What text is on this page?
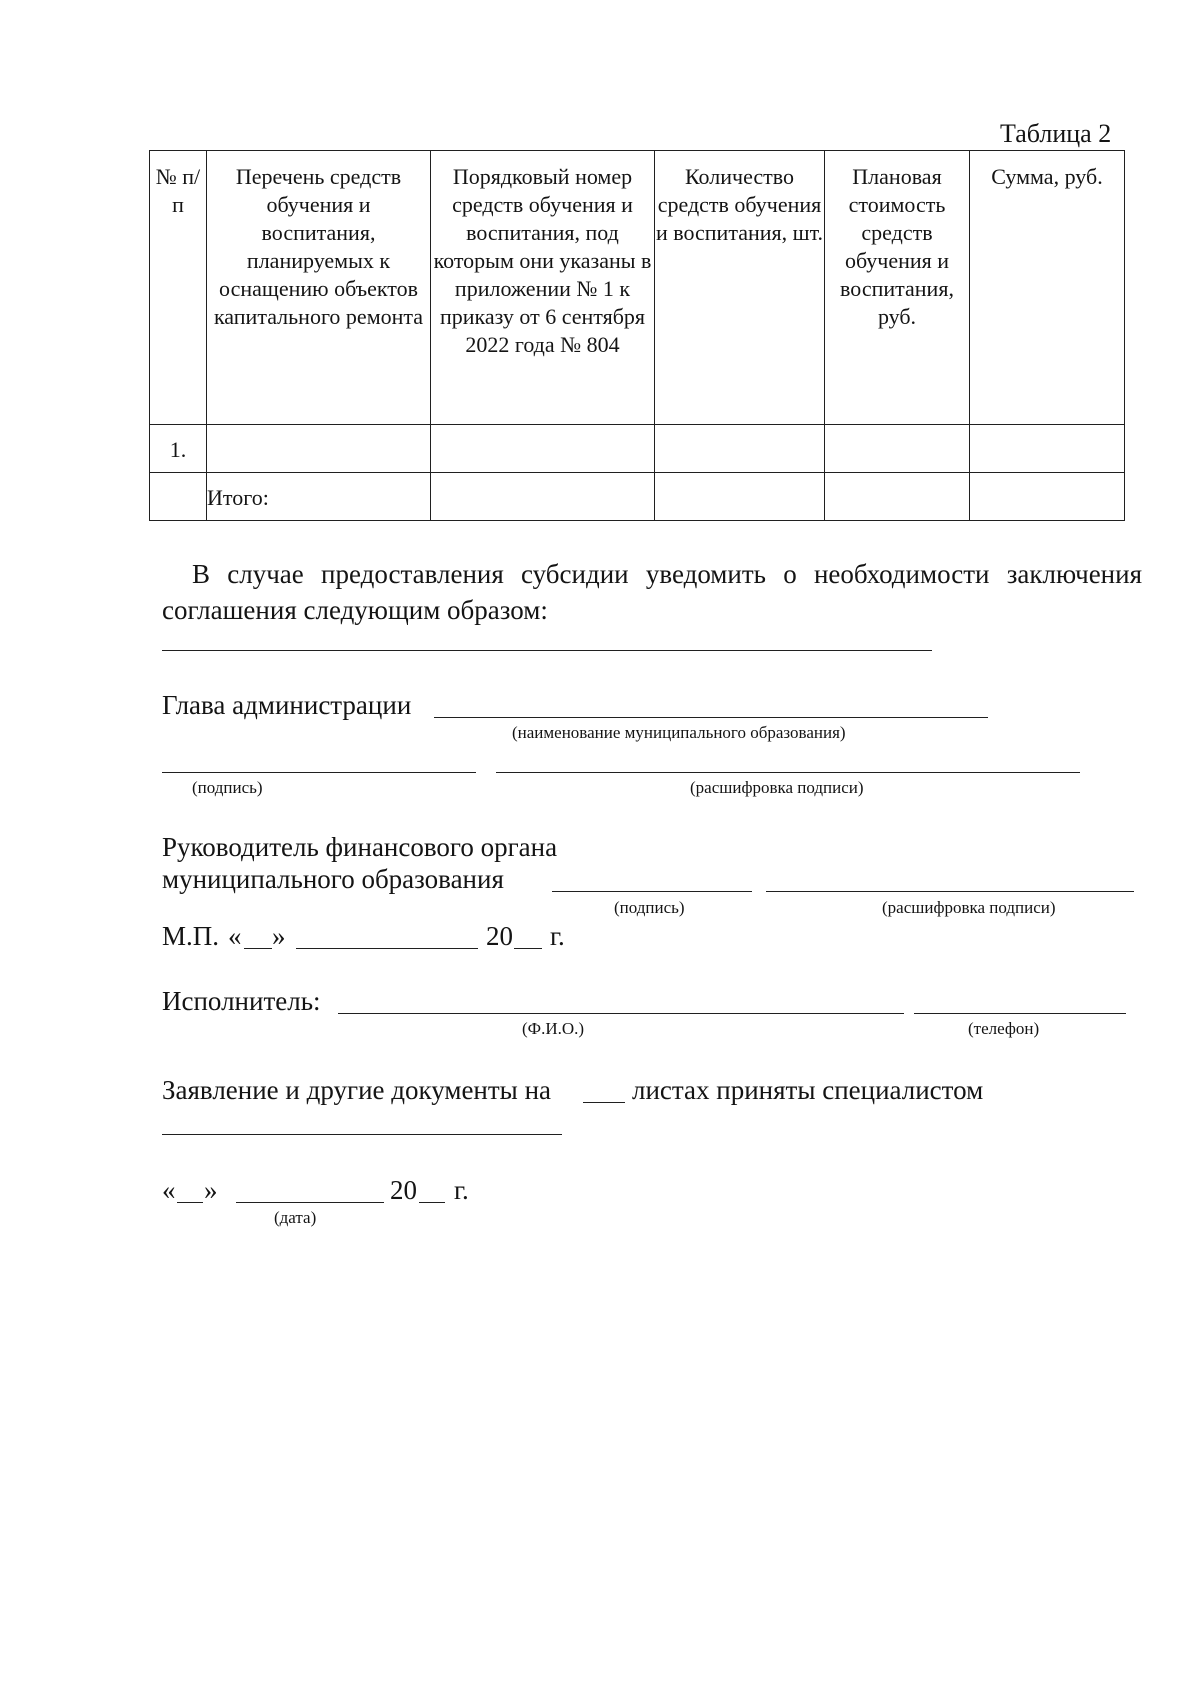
Таблица 2
№ п/п	Перечень средств обучения и воспитания, планируемых к оснащению объектов капитального ремонта	Порядковый номер средств обучения и воспитания, под которым они указаны в приложении № 1 к приказу от 6 сентября 2022 года № 804	Количество средств обучения и воспитания, шт.	Плановая стоимость средств обучения и воспитания, руб.	Сумма, руб.

1.					
	Итого:				

В случае предоставления субсидии уведомить о необходимости заключения соглашения следующим образом:

Глава администрации
(наименование муниципального образования)
(подпись)	(расшифровка подписи)
Руководитель финансового органа
муниципального образования
(подпись)	(расшифровка подписи)
М.П. « »	20 г.
Исполнитель:
(Ф.И.О.)	(телефон)
Заявление и другие документы на	листах приняты специалистом
« »	20 г.
(дата)
